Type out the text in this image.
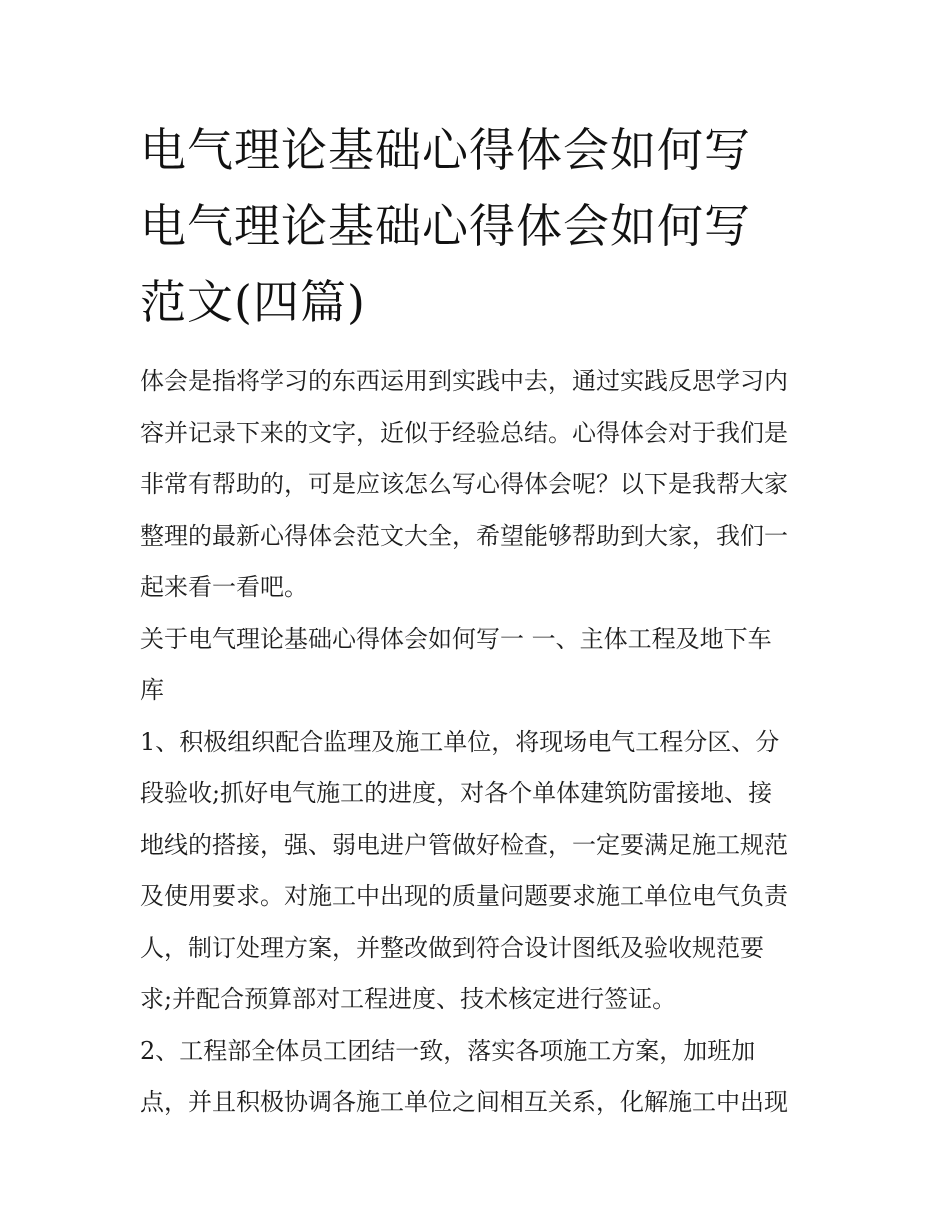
电气理论基础心得体会如何写
电气理论基础心得体会如何写
范文(四篇)

体会是指将学习的东西运用到实践中去，通过实践反思学习内
容并记录下来的文字，近似于经验总结。心得体会对于我们是
非常有帮助的，可是应该怎么写心得体会呢？以下是我帮大家
整理的最新心得体会范文大全，希望能够帮助到大家，我们一
起来看一看吧。

关于电气理论基础心得体会如何写一 一、主体工程及地下车
库

1、积极组织配合监理及施工单位，将现场电气工程分区、分
段验收;抓好电气施工的进度，对各个单体建筑防雷接地、接
地线的搭接，强、弱电进户管做好检查，一定要满足施工规范
及使用要求。对施工中出现的质量问题要求施工单位电气负责
人，制订处理方案，并整改做到符合设计图纸及验收规范要
求;并配合预算部对工程进度、技术核定进行签证。

2、工程部全体员工团结一致，落实各项施工方案，加班加
点，并且积极协调各施工单位之间相互关系，化解施工中出现
